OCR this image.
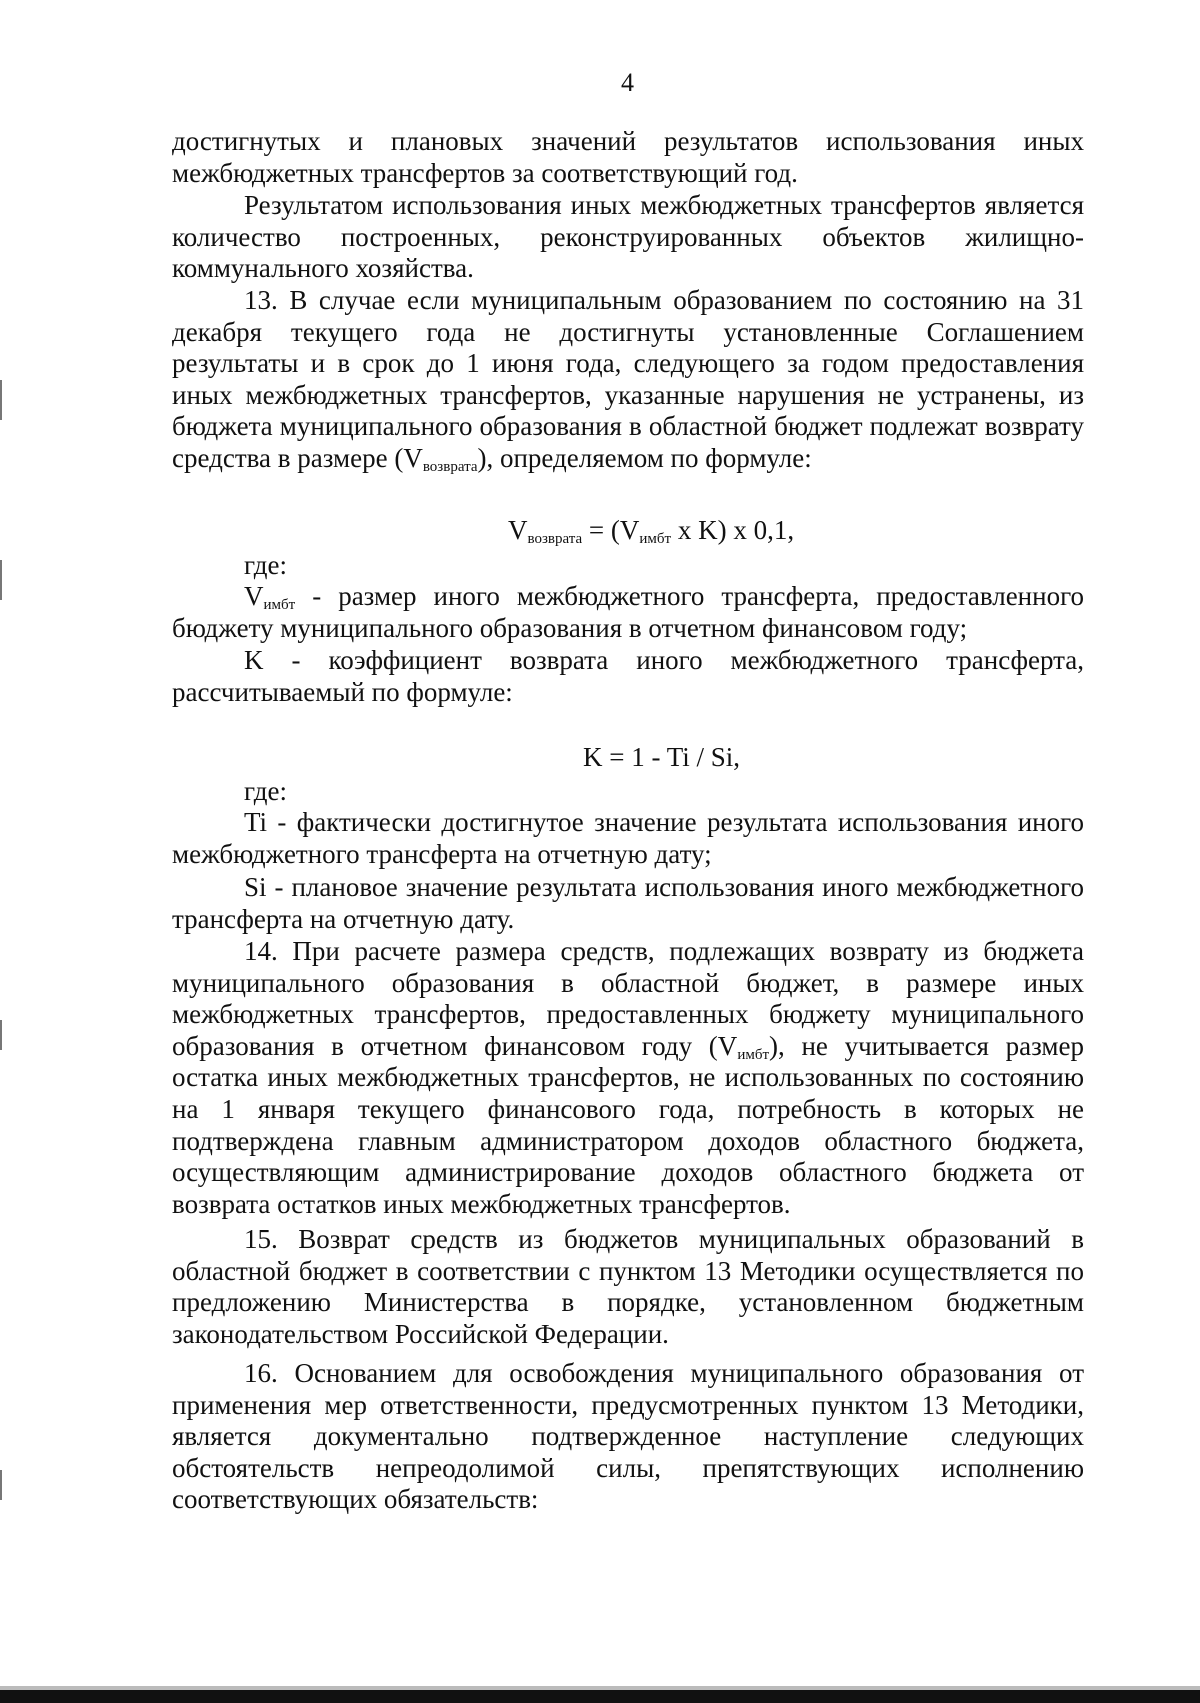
4

достигнутых и плановых значений результатов использования иных межбюджетных трансфертов за соответствующий год.

Результатом использования иных межбюджетных трансфертов является количество построенных, реконструированных объектов жилищно-коммунального хозяйства.

13. В случае если муниципальным образованием по состоянию на 31 декабря текущего года не достигнуты установленные Соглашением результаты и в срок до 1 июня года, следующего за годом предоставления иных межбюджетных трансфертов, указанные нарушения не устранены, из бюджета муниципального образования в областной бюджет подлежат возврату средства в размере $(V_{возврата})$, определяемом по формуле:

$V_{возврата} = (V_{имбт}$ x K) x 0,1,

где:

$V_{имбт}$ - размер иного межбюджетного трансферта, предоставленного бюджету муниципального образования в отчетном финансовом году;

K - коэффициент возврата иного межбюджетного трансферта, рассчитываемый по формуле:

K = 1 - Ti / Si,

где:

Ti - фактически достигнутое значение результата использования иного межбюджетного трансферта на отчетную дату;

Si - плановое значение результата использования иного межбюджетного трансферта на отчетную дату.

14. При расчете размера средств, подлежащих возврату из бюджета муниципального образования в областной бюджет, в размере иных межбюджетных трансфертов, предоставленных бюджету муниципального образования в отчетном финансовом году $(V_{имбт})$, не учитывается размер остатка иных межбюджетных трансфертов, не использованных по состоянию на 1 января текущего финансового года, потребность в которых не подтверждена главным администратором доходов областного бюджета, осуществляющим администрирование доходов областного бюджета от возврата остатков иных межбюджетных трансфертов.

15. Возврат средств из бюджетов муниципальных образований в областной бюджет в соответствии с пунктом 13 Методики осуществляется по предложению Министерства в порядке, установленном бюджетным законодательством Российской Федерации.

16. Основанием для освобождения муниципального образования от применения мер ответственности, предусмотренных пунктом 13 Методики, является документально подтвержденное наступление следующих обстоятельств непреодолимой силы, препятствующих исполнению соответствующих обязательств:
